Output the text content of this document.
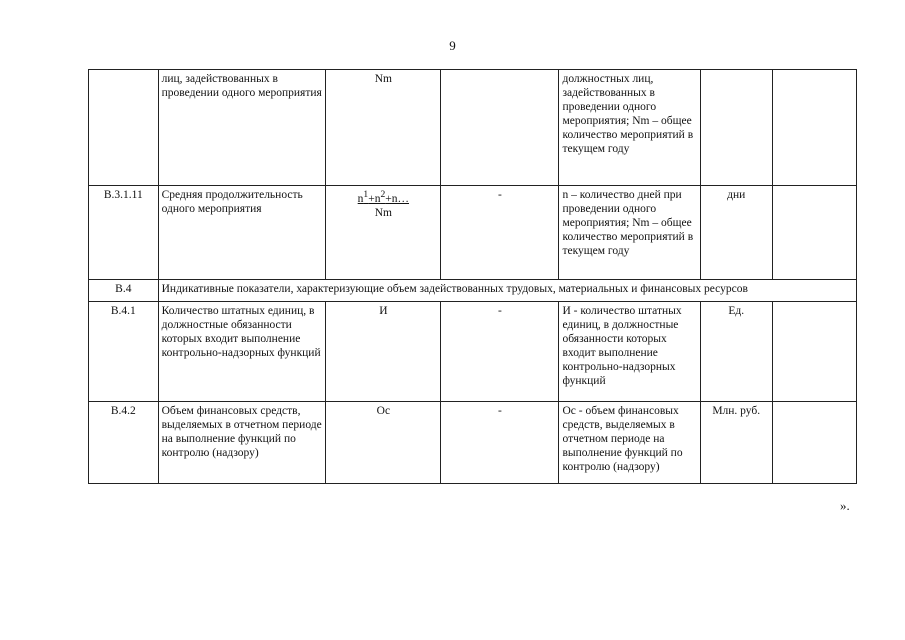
9
	лиц, задействованных в проведении одного мероприятия	Nm		должностных лиц, задействованных в проведении одного мероприятия; Nm – общее количество мероприятий в текущем году		
В.3.1.11	Средняя продолжительность одного мероприятия	$\frac{n^1+n^2+n\dots}{Nm}$	-	n – количество дней при проведении одного мероприятия; Nm – общее количество мероприятий в текущем году	дни	
В.4	Индикативные показатели, характеризующие объем задействованных трудовых, материальных и финансовых ресурсов					
В.4.1	Количество штатных единиц, в должностные обязанности которых входит выполнение контрольно-надзорных функций	И	-	И - количество штатных единиц, в должностные обязанности которых входит выполнение контрольно-надзорных функций	Ед.	
В.4.2	Объем финансовых средств, выделяемых в отчетном периоде на выполнение функций по контролю (надзору)	Ос	-	Ос - объем финансовых средств, выделяемых в отчетном периоде на выполнение функций по контролю (надзору)	Млн. руб.	
».
